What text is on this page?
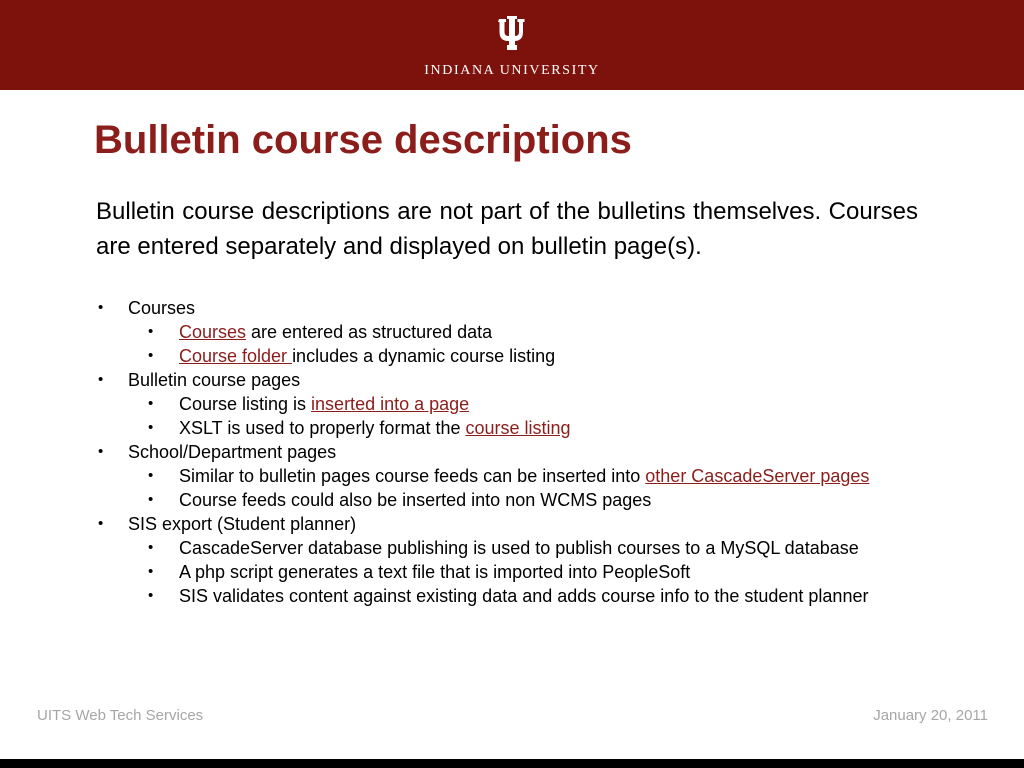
INDIANA UNIVERSITY
Bulletin course descriptions

Bulletin course descriptions are not part of the bulletins themselves. Courses are entered separately and displayed on bulletin page(s).

• Courses
• Courses are entered as structured data
• Course folder includes a dynamic course listing
• Bulletin course pages
• Course listing is inserted into a page
• XSLT is used to properly format the course listing
• School/Department pages
• Similar to bulletin pages course feeds can be inserted into other CascadeServer pages
• Course feeds could also be inserted into non WCMS pages
• SIS export (Student planner)
• CascadeServer database publishing is used to publish courses to a MySQL database
• A php script generates a text file that is imported into PeopleSoft
• SIS validates content against existing data and adds course info to the student planner
UITS Web Tech Services	January 20, 2011
